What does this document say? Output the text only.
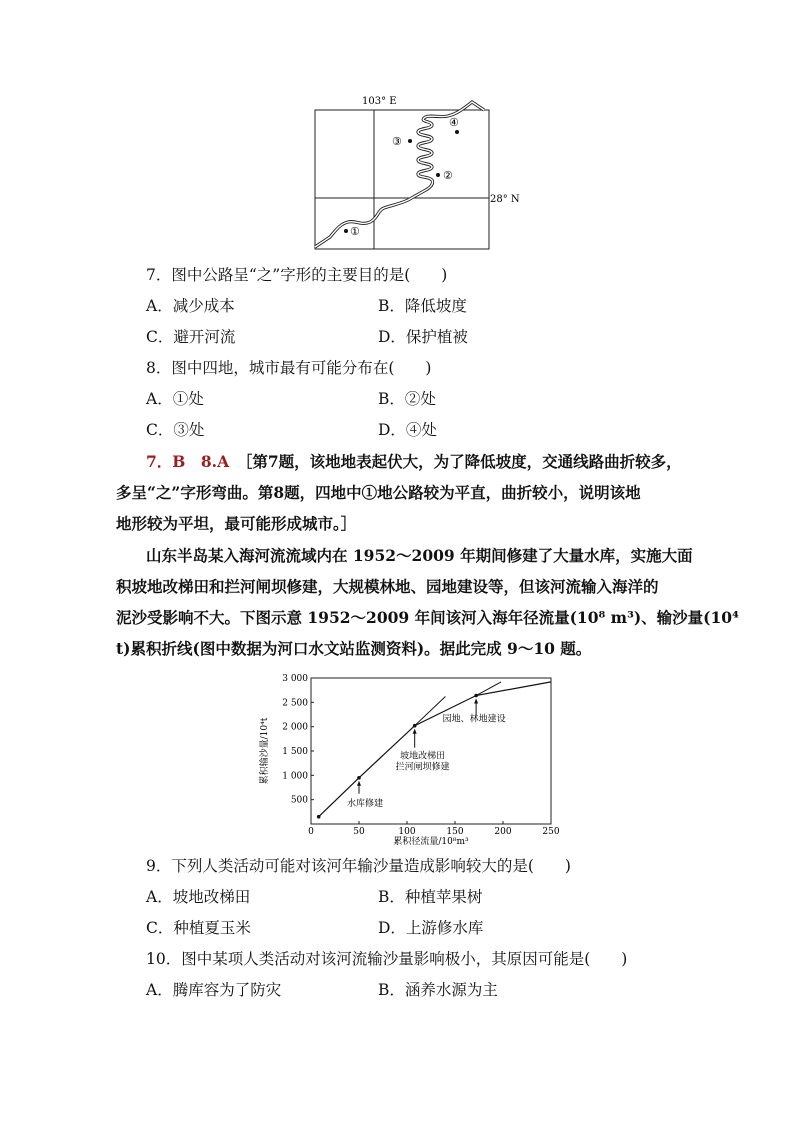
103° E
28° N
①
②
③
④
7．图中公路呈“之”字形的主要目的是(　　)
A．减少成本	B．降低坡度
C．避开河流	D．保护植被
8．图中四地，城市最有可能分布在(　　)
A．①处	B．②处
C．③处	D．④处
7．B　8.A　 ［第7题，该地地表起伏大，为了降低坡度，交通线路曲折较多，
多呈“之”字形弯曲。第8题，四地中①地公路较为平直，曲折较小，说明该地
地形较为平坦，最可能形成城市。］
山东半岛某入海河流流域内在 1952～2009 年期间修建了大量水库，实施大面
积坡地改梯田和拦河闸坝修建，大规模林地、园地建设等，但该河流输入海洋的
泥沙受影响不大。下图示意 1952～2009 年间该河入海年径流量(10⁸ m³)、输沙量(10⁴
t)累积折线(图中数据为河口水文站监测资料)。据此完成 9～10 题。
0	50	100	150	200	250
500
1 000
1 500
2 000
2 500
3 000
累积径流量/10⁸m³
累积输沙量/10⁴t
水库修建
坡地改梯田
拦河闸坝修建
园地、林地建设
9．下列人类活动可能对该河年输沙量造成影响较大的是(　　)
A．坡地改梯田	B．种植苹果树
C．种植夏玉米	D．上游修水库
10．图中某项人类活动对该河流输沙量影响极小，其原因可能是(　　)
A．腾库容为了防灾	B．涵养水源为主
